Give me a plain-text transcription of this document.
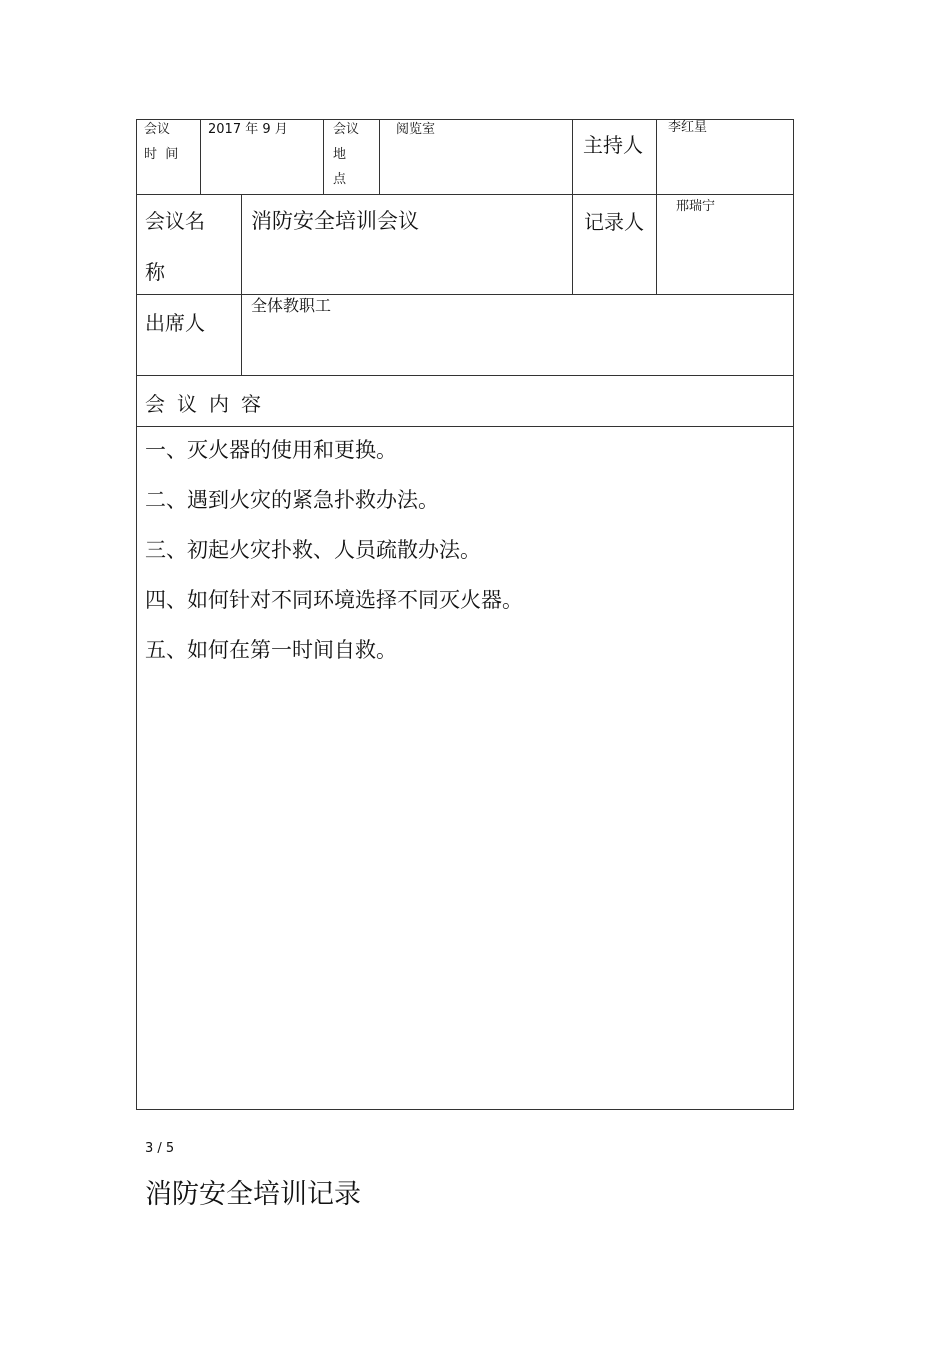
会议
时  间
2017 年 9 月	会议
地
点
阅览室
主持人
李红星
会议名
称
消防安全培训会议	记录人
邢瑞宁
出席人
全体教职工
会议内容
一、灭火器的使用和更换。
二、遇到火灾的紧急扑救办法。
三、初起火灾扑救、人员疏散办法。
四、如何针对不同环境选择不同灭火器。
五、如何在第一时间自救。
3 / 5
消防安全培训记录
